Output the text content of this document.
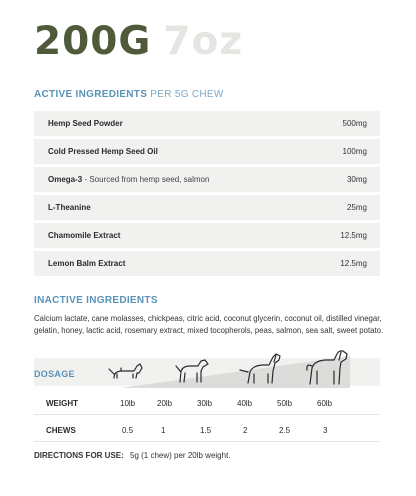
200G 7oz
ACTIVE INGREDIENTS PER 5G CHEW
Hemp Seed Powder	500mg
Cold Pressed Hemp Seed Oil	100mg
Omega-3 - Sourced from hemp seed, salmon	30mg
L-Theanine	25mg
Chamomile Extract	12.5mg
Lemon Balm Extract	12.5mg
INACTIVE INGREDIENTS
Calcium lactate, cane molasses, chickpeas, citric acid, coconut glycerin, coconut oil, distilled vinegar, gelatin, honey, lactic acid, rosemary extract, mixed tocopherols, peas, salmon, sea salt, sweet potato.
DOSAGE
WEIGHT	10lb	20lb	30lb	40lb	50lb	60lb
CHEWS	0.5	1	1.5	2	2.5	3
DIRECTIONS FOR USE: 5g (1 chew) per 20lb weight.
